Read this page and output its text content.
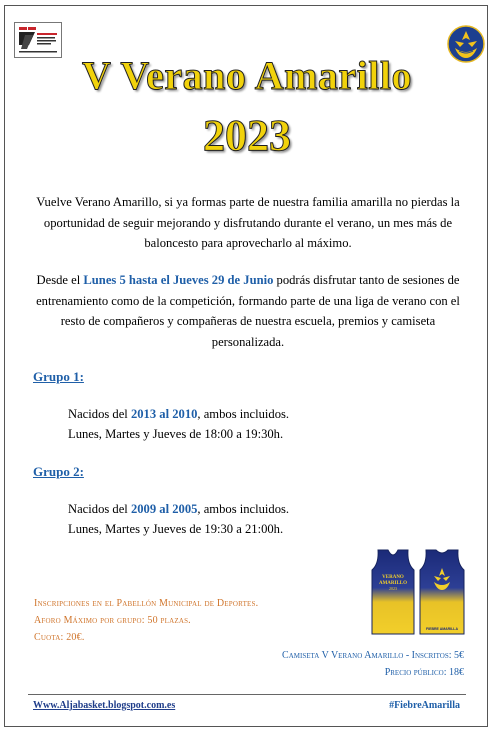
V Verano Amarillo
2023
Vuelve Verano Amarillo, si ya formas parte de nuestra familia amarilla no pierdas la oportunidad de seguir mejorando y disfrutando durante el verano, un mes más de baloncesto para aprovecharlo al máximo.
Desde el Lunes 5 hasta el Jueves 29 de Junio podrás disfrutar tanto de sesiones de entrenamiento como de la competición, formando parte de una liga de verano con el resto de compañeros y compañeras de nuestra escuela, premios y camiseta personalizada.
Grupo 1:
Nacidos del 2013 al 2010, ambos incluidos.
Lunes, Martes y Jueves de 18:00 a 19:30h.
Grupo 2:
Nacidos del 2009 al 2005, ambos incluidos.
Lunes, Martes y Jueves de 19:30 a 21:00h.
VERANO
AMARILLO
2023
FIEBRE AMARILLA
Inscripciones en el Pabellón Municipal de Deportes.
Aforo Máximo por grupo: 50 plazas.
Cuota: 20€.
Camiseta V Verano Amarillo - Inscritos: 5€
Precio público: 18€
Www.Aljabasket.blogspot.com.es	#FiebreAmarilla
